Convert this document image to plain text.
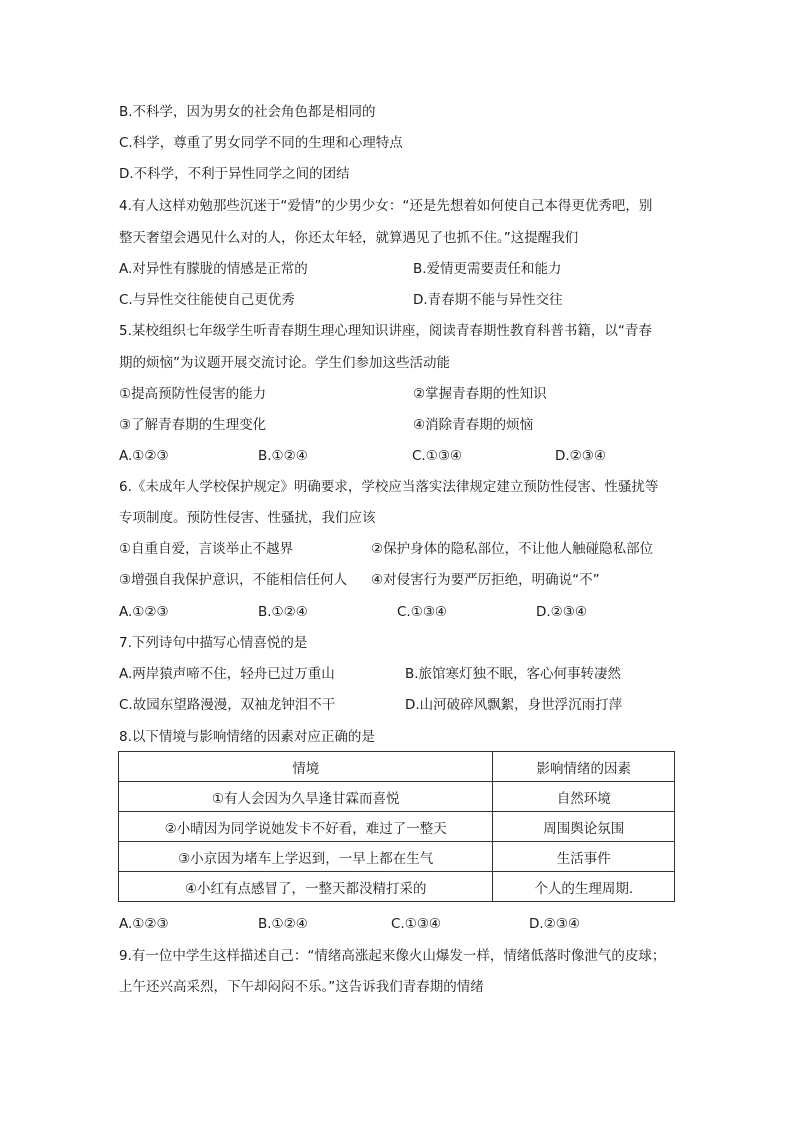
B.不科学，因为男女的社会角色都是相同的
C.科学，尊重了男女同学不同的生理和心理特点
D.不科学，不利于异性同学之间的团结
4.有人这样劝勉那些沉迷于“爱情”的少男少女：“还是先想着如何使自己本得更优秀吧，别
整天奢望会遇见什么对的人，你还太年轻，就算遇见了也抓不住。”这提醒我们
A.对异性有朦胧的情感是正常的	B.爱情更需要责任和能力
C.与异性交往能使自己更优秀	D.青春期不能与异性交往
5.某校组织七年级学生听青春期生理心理知识讲座，阅读青春期性教育科普书籍，以“青春
期的烦恼”为议题开展交流讨论。学生们参加这些活动能
①提高预防性侵害的能力	②掌握青春期的性知识
③了解青春期的生理变化	④消除青春期的烦恼
A.①②③	B.①②④	C.①③④	D.②③④
6.《未成年人学校保护规定》明确要求，学校应当落实法律规定建立预防性侵害、性骚扰等
专项制度。预防性侵害、性骚扰，我们应该
①自重自爱，言谈举止不越界	②保护身体的隐私部位，不让他人触碰隐私部位
③增强自我保护意识，不能相信任何人 ④对侵害行为要严厉拒绝，明确说“不”
A.①②③	B.①②④	C.①③④	D.②③④
7.下列诗句中描写心情喜悦的是
A.两岸猿声啼不住，轻舟已过万重山	B.旅馆寒灯独不眠，客心何事转凄然
C.故园东望路漫漫，双袖龙钟泪不干	D.山河破碎风飘絮，身世浮沉雨打萍
8.以下情境与影响情绪的因素对应正确的是
情境	影响情绪的因素
①有人会因为久旱逢甘霖而喜悦	自然环境
②小晴因为同学说她发卡不好看，难过了一整天	周围舆论氛围
③小京因为堵车上学迟到，一早上都在生气	生活事件
④小红有点感冒了，一整天都没精打采的	个人的生理周期.
A.①②③	B.①②④	C.①③④	D.②③④
9.有一位中学生这样描述自己：“情绪高涨起来像火山爆发一样，情绪低落时像泄气的皮球；
上午还兴高采烈，下午却闷闷不乐。”这告诉我们青春期的情绪
